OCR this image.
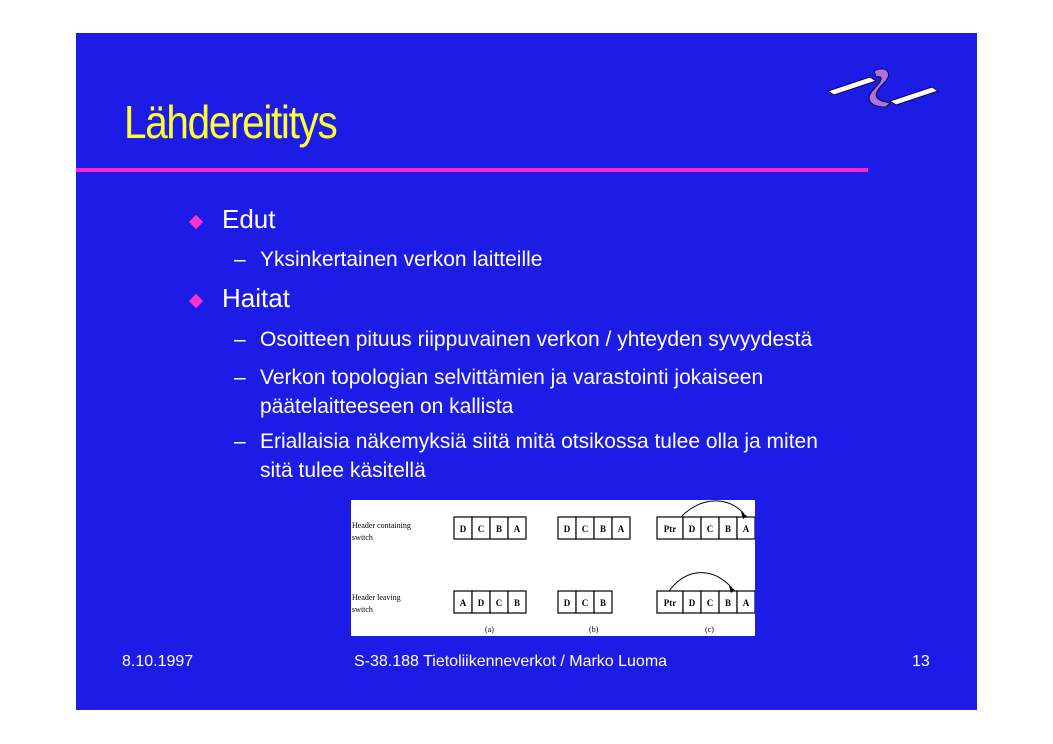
Lähdereititys
Edut
– Yksinkertainen verkon laitteille
Haitat
– Osoitteen pituus riippuvainen verkon / yhteyden syvyydestä
– Verkon topologian selvittämien ja varastointi jokaiseen
päätelaitteeseen on kallista
– Eriallaisia näkemyksiä siitä mitä otsikossa tulee olla ja miten
sitä tulee käsitellä
Header containing
switch
Header leaving
switch
D C B A	D C B A	Ptr D C B A
A D C B	D C B	Ptr D C B A
(a)	(b)	(c)
8.10.1997	S-38.188 Tietoliikenneverkot / Marko Luoma	13
